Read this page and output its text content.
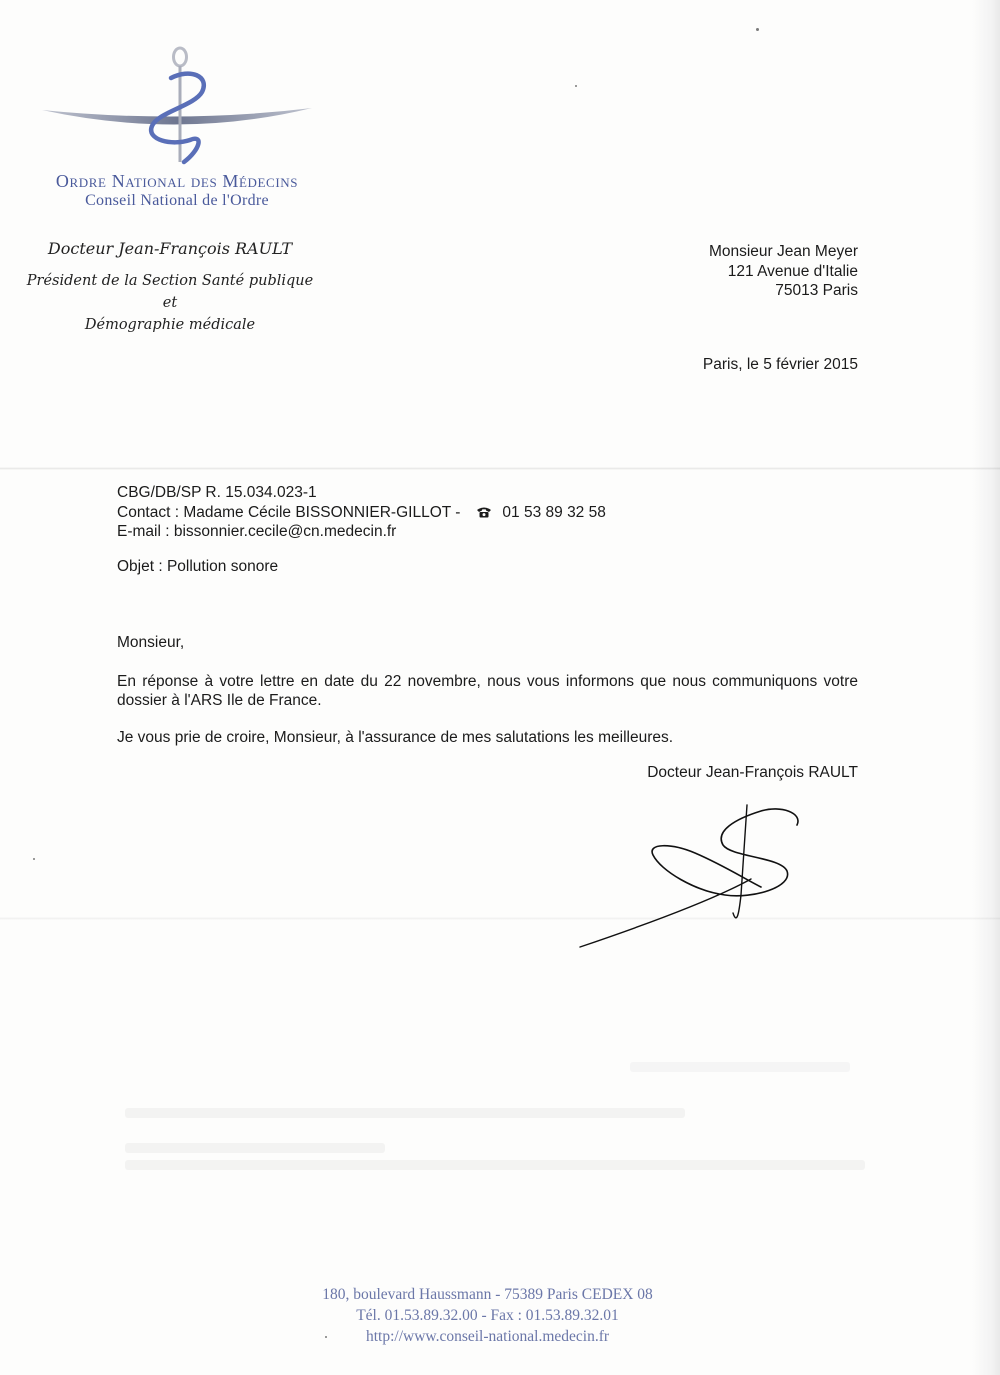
Ordre National des Médecins
Conseil National de l'Ordre
Docteur Jean-François RAULT
Président de la Section Santé publique et
Démographie médicale
Monsieur Jean Meyer
121 Avenue d'Italie
75013 Paris
Paris, le 5 février 2015
CBG/DB/SP R. 15.034.023-1
Contact : Madame Cécile BISSONNIER-GILLOT -	01 53 89 32 58
E-mail : bissonnier.cecile@cn.medecin.fr
Objet : Pollution sonore

Monsieur,

En réponse à votre lettre en date du 22 novembre, nous vous informons que nous communiquons votre dossier à l'ARS Ile de France.

Je vous prie de croire, Monsieur, à l'assurance de mes salutations les meilleures.

Docteur Jean-François RAULT
180, boulevard Haussmann - 75389 Paris CEDEX 08
Tél. 01.53.89.32.00 - Fax : 01.53.89.32.01
http://www.conseil-national.medecin.fr
